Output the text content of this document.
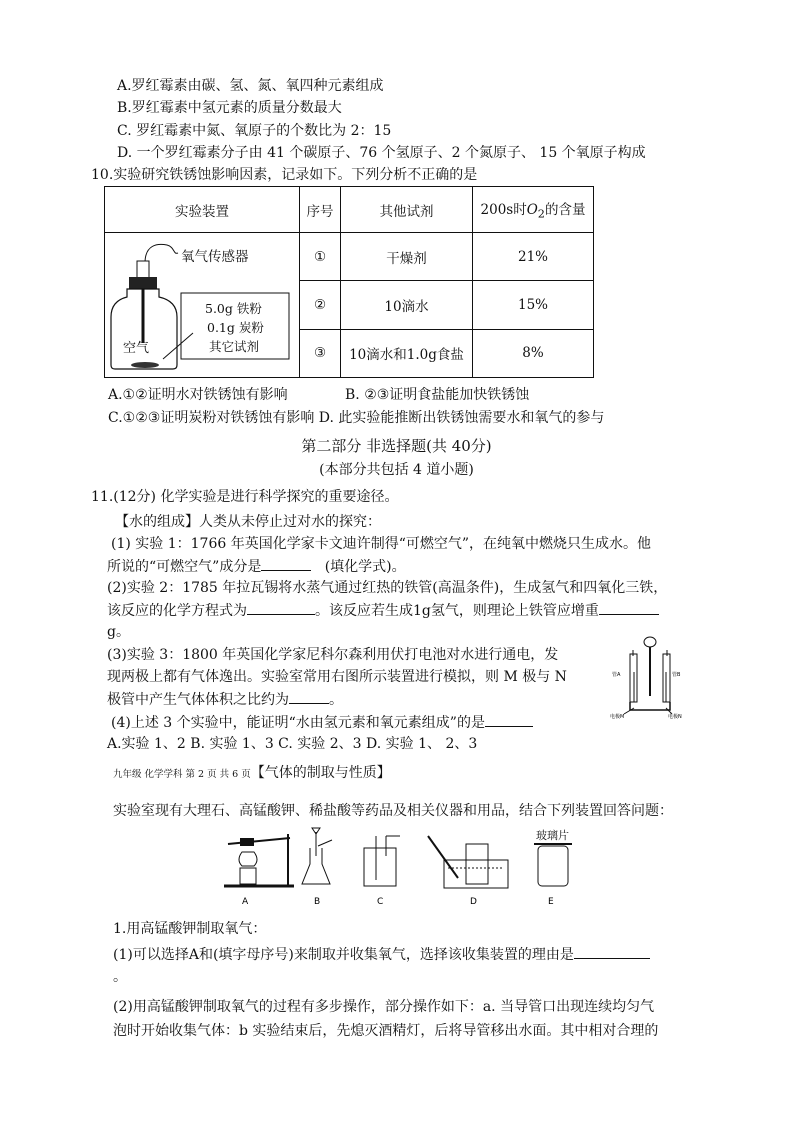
A.罗红霉素由碳、氢、氮、氧四种元素组成
B.罗红霉素中氢元素的质量分数最大
C. 罗红霉素中氮、氧原子的个数比为 2：15
D. 一个罗红霉素分子由 41 个碳原子、76 个氢原子、2 个氮原子、 15 个氧原子构成
10.实验研究铁锈蚀影响因素，记录如下。下列分析不正确的是
实验装置	序号	其他试剂	200s时$O_2$的含量

氧气传感器
5.0g 铁粉
0.1g 炭粉
其它试剂
空气	①	干燥剂	21%
	②	10滴水	15%
	③	10滴水和1.0g食盐	8%
A.①②证明水对铁锈蚀有影响	B. ②③证明食盐能加快铁锈蚀
C.①②③证明炭粉对铁锈蚀有影响 D. 此实验能推断出铁锈蚀需要水和氧气的参与
第二部分 非选择题(共 40分)
(本部分共包括 4 道小题)
11.(12分) 化学实验是进行科学探究的重要途径。
【水的组成】人类从未停止过对水的探究：
(1) 实验 1：1766 年英国化学家卡文迪许制得“可燃空气”，在纯氧中燃烧只生成水。他
所说的“可燃空气”成分是	(填化学式)。
(2)实验 2：1785 年拉瓦锡将水蒸气通过红热的铁管(高温条件)，生成氢气和四氧化三铁，
该反应的化学方程式为	。该反应若生成1g氢气，则理论上铁管应增重
g。
(3)实验 3：1800 年英国化学家尼科尔森利用伏打电池对水进行通电，发
现两极上都有气体逸出。实验室常用右图所示装置进行模拟，则 M 极与 N
极管中产生气体体积之比约为	。
(4)上述 3 个实验中，能证明“水由氢元素和氧元素组成”的是
A.实验 1、2 B. 实验 1、3 C. 实验 2、3 D. 实验 1、 2、3
管A	管B
电极M	电极N
九年级 化学学科 第 2 页 共 6 页【气体的制取与性质】
实验室现有大理石、高锰酸钾、稀盐酸等药品及相关仪器和用品，结合下列装置回答问题：
A	B	C	D	E
玻璃片
1.用高锰酸钾制取氧气：
(1)可以选择A和(填字母序号)来制取并收集氧气，选择该收集装置的理由是
。
(2)用高锰酸钾制取氧气的过程有多步操作，部分操作如下：a. 当导管口出现连续均匀气
泡时开始收集气体：b 实验结束后，先熄灭酒精灯，后将导管移出水面。其中相对合理的
